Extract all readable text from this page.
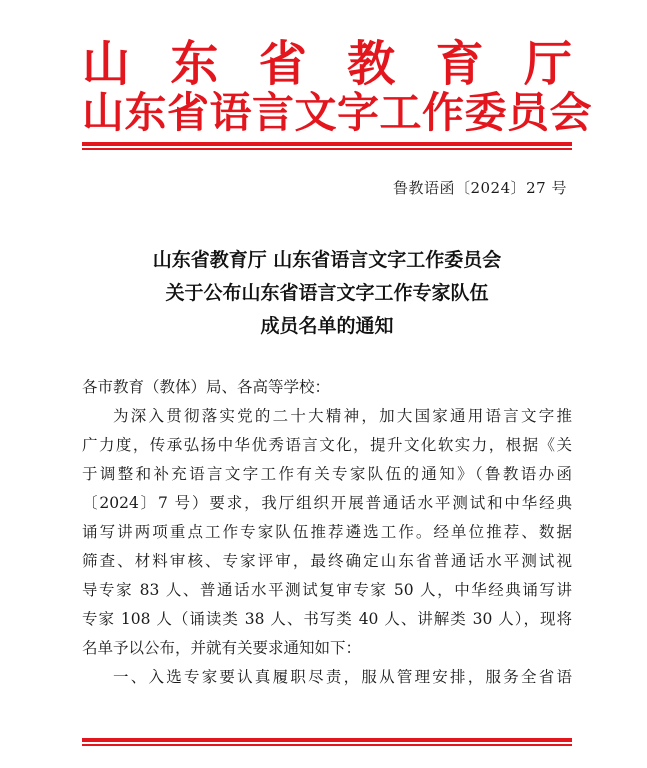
山 东 省 教 育 厅
山东省语言文字工作委员会
鲁教语函〔2024〕27 号
山东省教育厅 山东省语言文字工作委员会
关于公布山东省语言文字工作专家队伍
成员名单的通知
各市教育（教体）局、各高等学校：
为深入贯彻落实党的二十大精神，加大国家通用语言文字推
广力度，传承弘扬中华优秀语言文化，提升文化软实力，根据《关
于调整和补充语言文字工作有关专家队伍的通知》（鲁教语办函
〔2024〕7 号）要求，我厅组织开展普通话水平测试和中华经典
诵写讲两项重点工作专家队伍推荐遴选工作。经单位推荐、数据
筛查、材料审核、专家评审，最终确定山东省普通话水平测试视
导专家 83 人、普通话水平测试复审专家 50 人，中华经典诵写讲
专家 108 人（诵读类 38 人、书写类 40 人、讲解类 30 人），现将
名单予以公布，并就有关要求通知如下：
一、入选专家要认真履职尽责，服从管理安排，服务全省语
